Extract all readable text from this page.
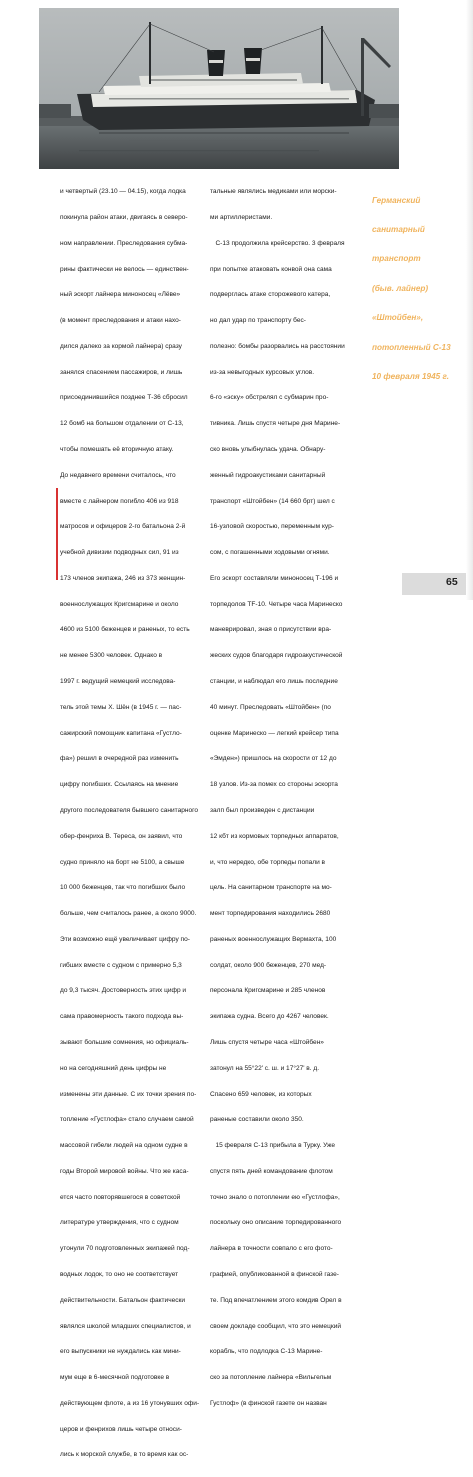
и четвертый (23.10 — 04.15), когда лодка

покинула район атаки, двигаясь в северо-

ном направлении. Преследования субма-

рины фактически не велось — единствен-

ный эскорт лайнера миноносец «Лёве»

(в момент преследования и атаки нахо-

дился далеко за кормой лайнера) сразу

занялся спасением пассажиров, и лишь

присоединившийся позднее Т-36 сбросил

12 бомб на большом отдалении от С-13,

чтобы помешать её вторичную атаку.

До недавнего времени считалось, что

вместе с лайнером погибло 406 из 918

матросов и офицеров 2-го батальона 2-й

учебной дивизии подводных сил, 91 из

173 членов экипажа, 246 из 373 женщин-

военнослужащих Кригсмарине и около

4600 из 5100 беженцев и раненых, то есть

не менее 5300 человек. Однако в

1997 г. ведущий немецкий исследова-

тель этой темы Х. Шён (в 1945 г. — пас-

сажирский помощник капитана «Густло-

фа») решил в очередной раз изменить

цифру погибших. Ссылаясь на мнение

другого последователя бывшего санитарного

обер-фенриха В. Тереса, он заявил, что

судно приняло на борт не 5100, а свыше

10 000 беженцев, так что погибших было

больше, чем считалось ранее, а около 9000.

Эти возможно ещё увеличивает цифру по-

гибших вместе с судном с примерно 5,3

до 9,3 тысяч. Достоверность этих цифр и

сама правомерность такого подхода вы-

зывают большие сомнения, но официаль-

но на сегодняшний день цифры не

изменены эти данные. С их точки зрения по-

топление «Густлофа» стало случаем самой

массовой гибели людей на одном судне в

годы Второй мировой войны. Что же каса-

ется часто повторявшегося в советской

литературе утверждения, что с судном

утонули 70 подготовленных экипажей под-

водных лодок, то оно не соответствует

действительности. Батальон фактически

являлся школой младших специалистов, и

его выпускники не нуждались как мини-

мум еще в 6-месячной подготовке в

действующем флоте, а из 16 утонувших офи-

церов и фенрихов лишь четыре относи-

лись к морской службе, в то время как ос-

тальные являлись медиками или морски-

ми артиллеристами.

С-13 продолжила крейсерство. 3 февраля

при попытке атаковать конвой она сама

подверглась атаке сторожевого катера,

но дал удар по транспорту бес-

полезно: бомбы разорвались на расстоянии

из-за невыгодных курсовых углов.

6-го «эску» обстрелял с субмарин про-

тивника. Лишь спустя четыре дня Марине-

ско вновь улыбнулась удача. Обнару-

женный гидроакустиками санитарный

транспорт «Штойбен» (14 660 брт) шел с

16-узловой скоростью, переменным кур-

сом, с погашенными ходовыми огнями.

Его эскорт составляли миноносец Т-196 и

торпедолов TF-10. Четыре часа Маринеско

маневрировал, зная о присутствии вра-

жеских судов благодаря гидроакустической

станции, и наблюдал его лишь последние

40 минут. Преследовать «Штойбен» (по

оценке Маринеско — легкий крейсер типа

«Эмден») пришлось на скорости от 12 до

18 узлов. Из-за помех со стороны эскорта

залп был произведен с дистанции

12 кбт из кормовых торпедных аппаратов,

и, что нередко, обе торпеды попали в

цель. На санитарном транспорте на мо-

мент торпедирования находились 2680

раненых военнослужащих Вермахта, 100

солдат, около 900 беженцев, 270 мед-

персонала Кригсмарине и 285 членов

экипажа судна. Всего до 4267 человек.

Лишь спустя четыре часа «Штойбен»

затонул на 55°22' с. ш. и 17°27' в. д.

Спасено 659 человек, из которых

раненые составили около 350.

15 февраля С-13 прибыла в Турку. Уже

спустя пять дней командование флотом

точно знало о потоплении ею «Густлофа»,

поскольку оно описание торпедированного

лайнера в точности совпало с его фото-

графией, опубликованной в финской газе-

те. Под впечатлением этого комдив Орел в

своем докладе сообщил, что это немецкий

корабль, что подлодка С-13 Марине-

ско за потопление лайнера «Вильгельм

Густлоф» (в финской газете он назван

Германский

санитарный

транспорт

(быв. лайнер)

«Штойбен»,

потопленный С-13

10 февраля 1945 г.

65
